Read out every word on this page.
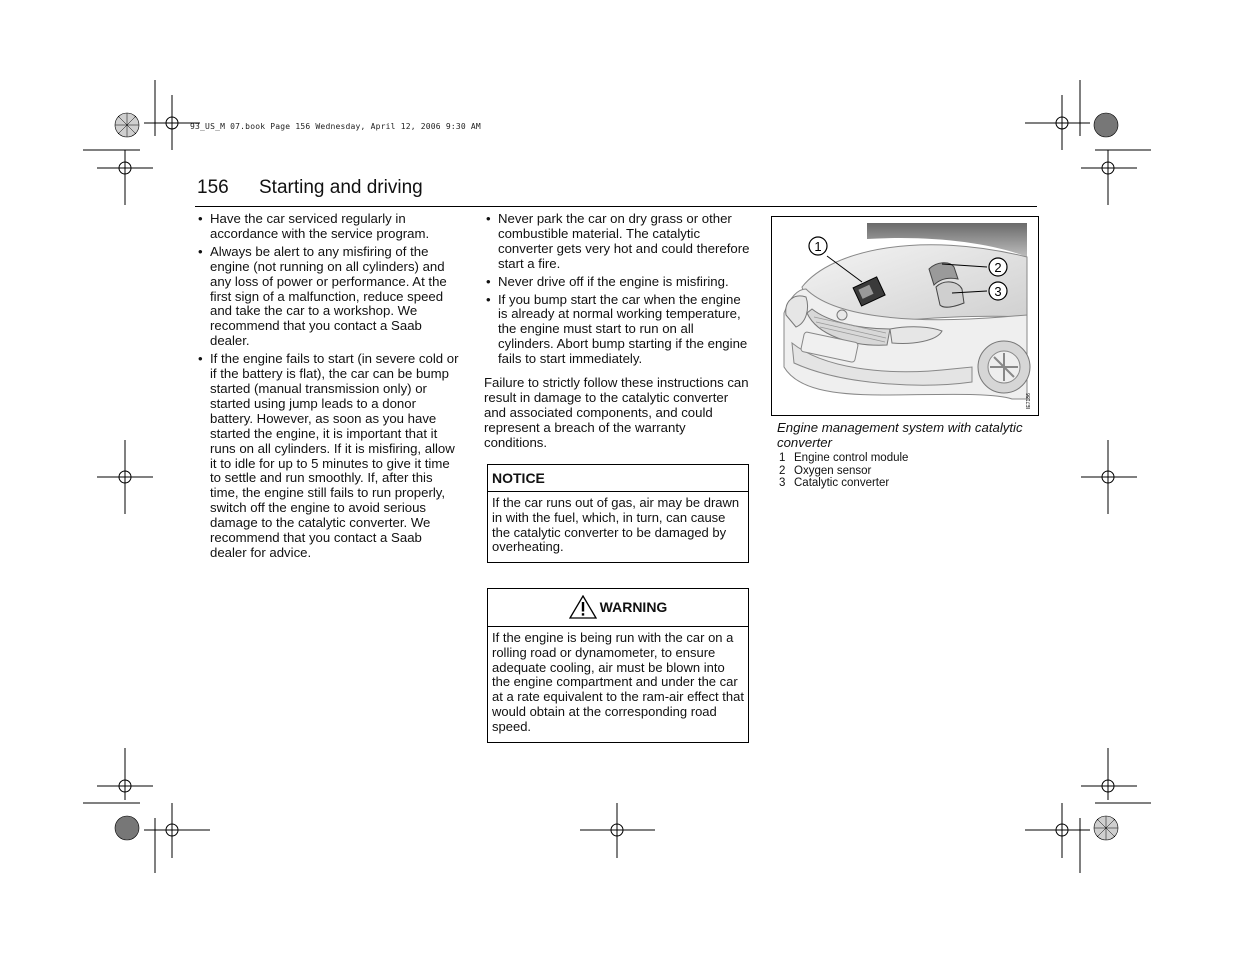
93_US_M 07.book Page 156 Wednesday, April 12, 2006 9:30 AM
156 Starting and driving
• Have the car serviced regularly in accordance with the service program.
• Always be alert to any misfiring of the engine (not running on all cylinders) and any loss of power or performance. At the first sign of a malfunction, reduce speed and take the car to a workshop. We recommend that you contact a Saab dealer.
• If the engine fails to start (in severe cold or if the battery is flat), the car can be bump started (manual transmission only) or started using jump leads to a donor battery. However, as soon as you have started the engine, it is important that it runs on all cylinders. If it is misfiring, allow it to idle for up to 5 minutes to give it time to settle and run smoothly. If, after this time, the engine still fails to run properly, switch off the engine to avoid serious damage to the catalytic converter. We recommend that you contact a Saab dealer for advice.
• Never park the car on dry grass or other combustible material. The catalytic converter gets very hot and could therefore start a fire.
• Never drive off if the engine is misfiring.
• If you bump start the car when the engine is already at normal working temperature, the engine must start to run on all cylinders. Abort bump starting if the engine fails to start immediately.

Failure to strictly follow these instructions can result in damage to the catalytic converter and associated components, and could represent a breach of the warranty conditions.

NOTICE
If the car runs out of gas, air may be drawn in with the fuel, which, in turn, can cause the catalytic converter to be damaged by overheating.
WARNING
If the engine is being run with the car on a rolling road or dynamometer, to ensure adequate cooling, air must be blown into the engine compartment and under the car at a rate equivalent to the ram-air effect that would obtain at the corresponding road speed.
1
2
3
IE7186
Engine management system with catalytic converter
1 Engine control module
2 Oxygen sensor
3 Catalytic converter
